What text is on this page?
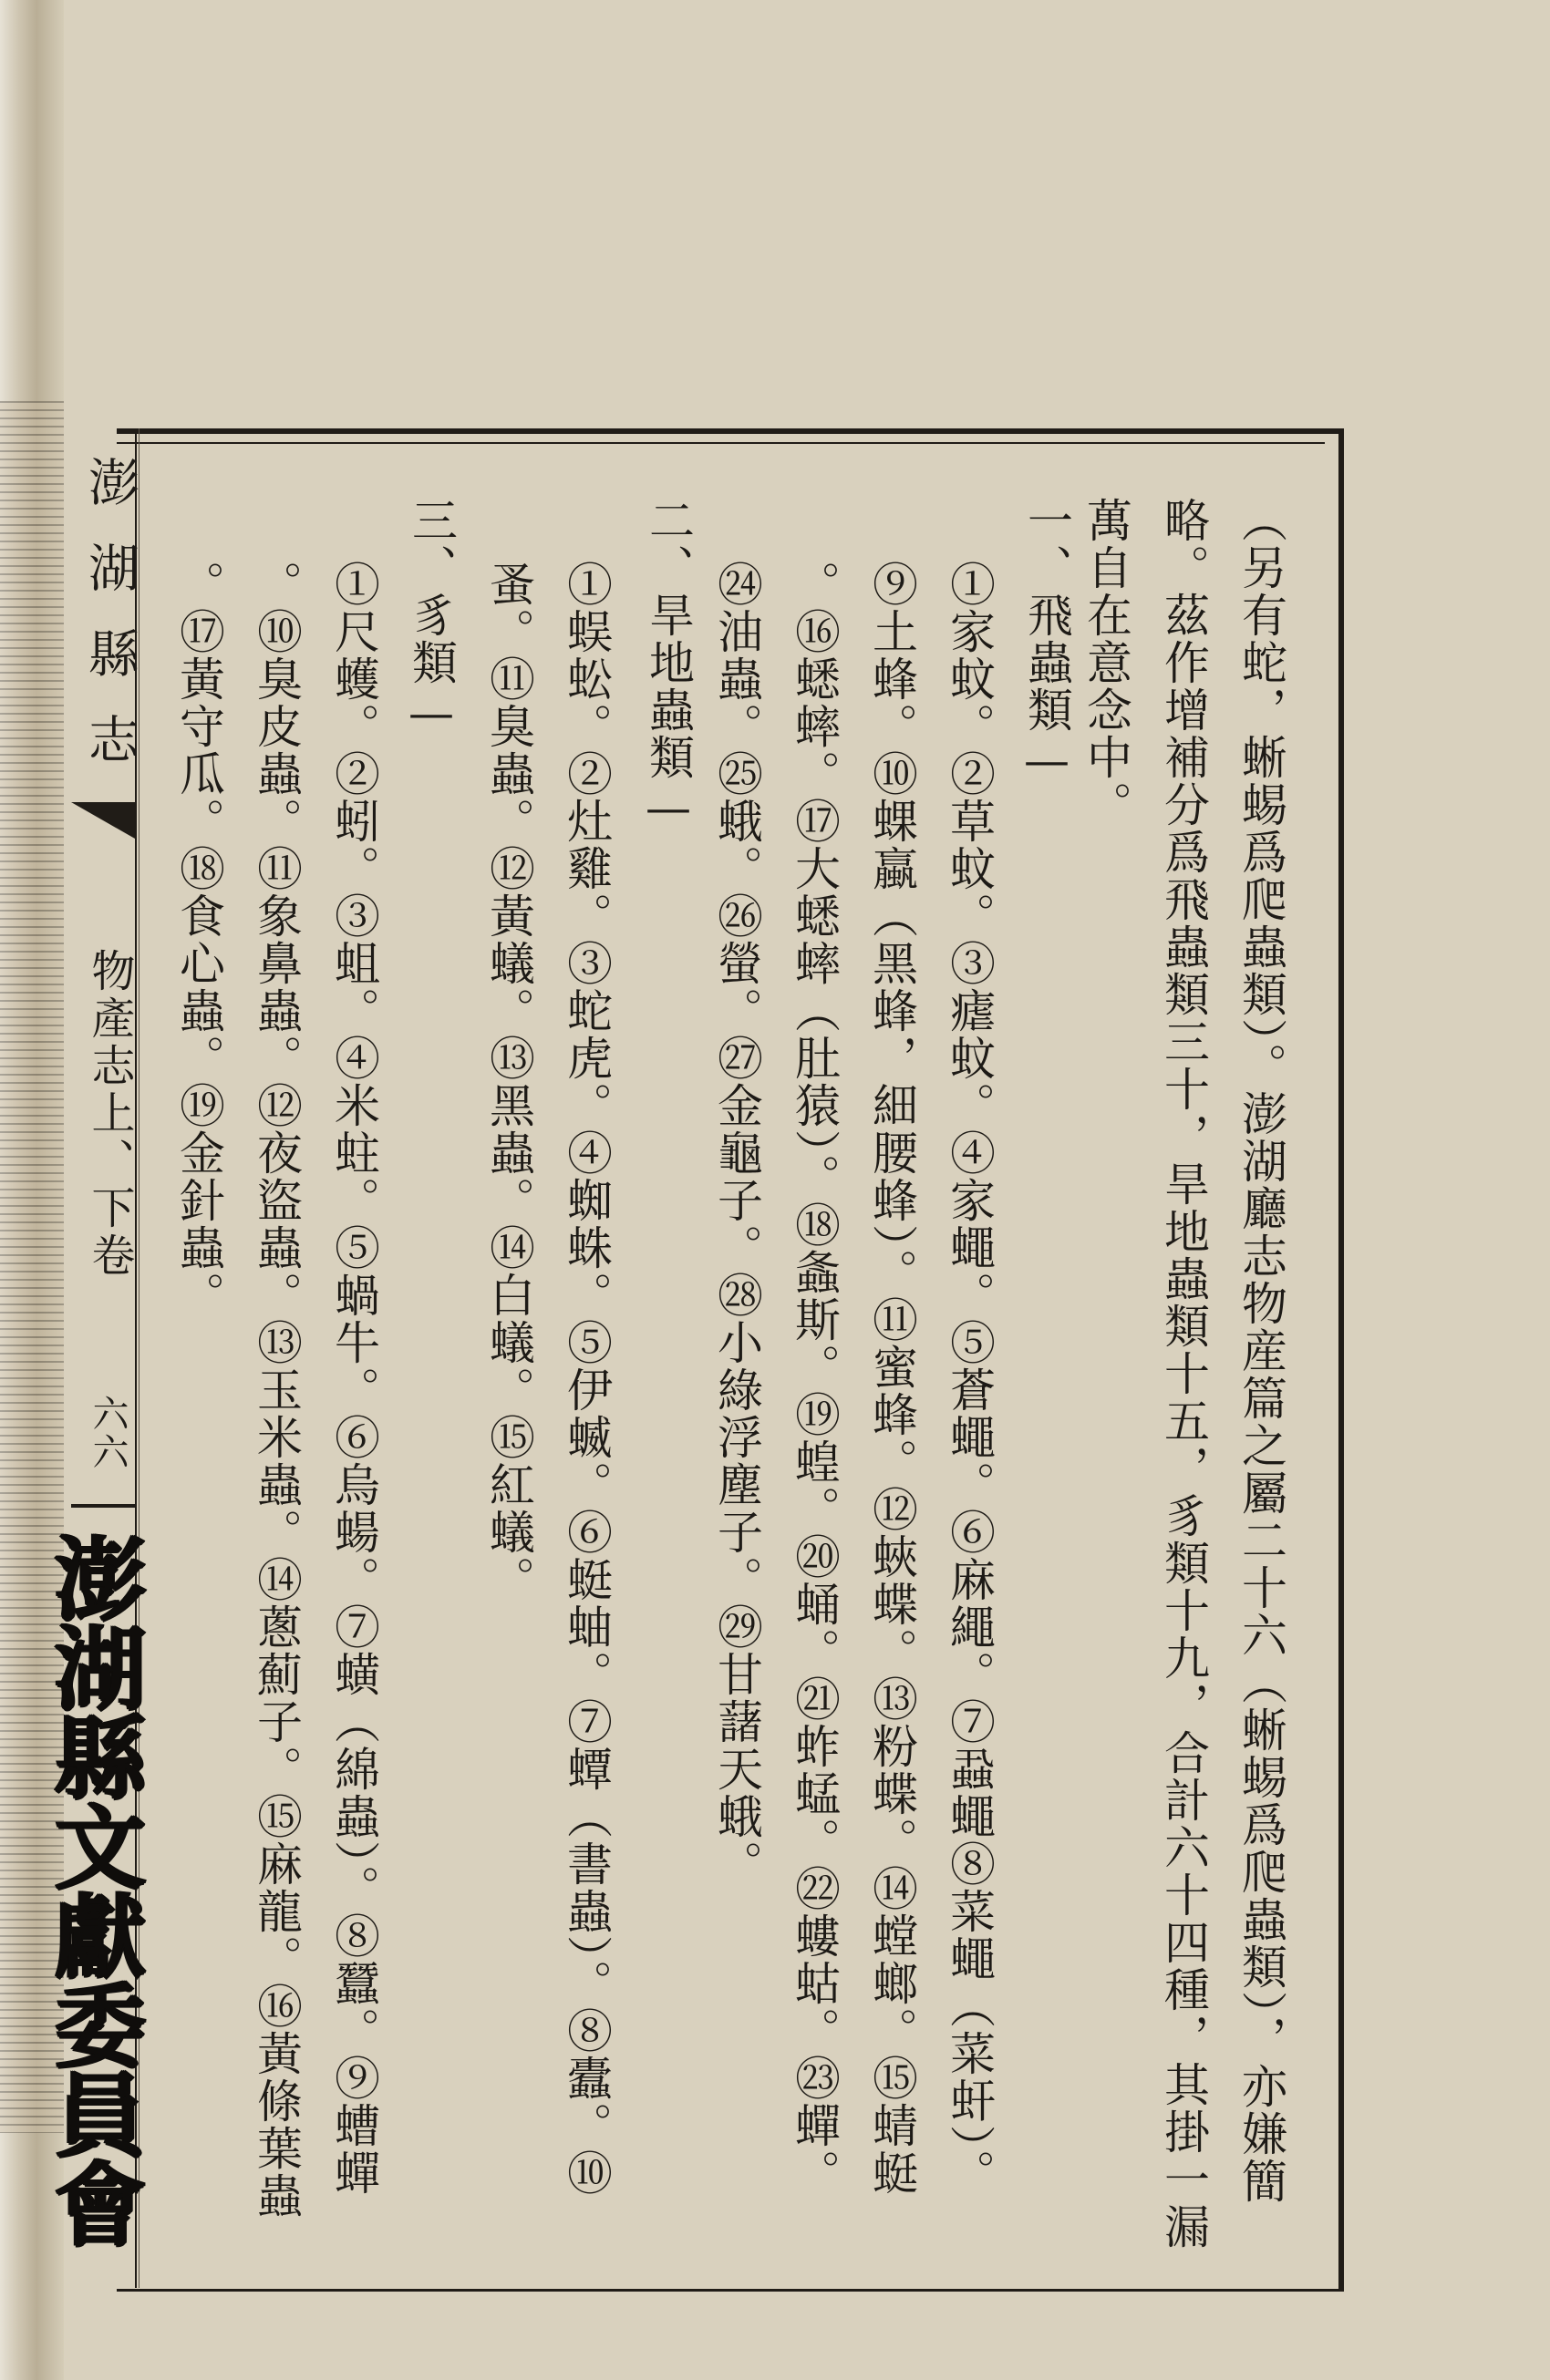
澎湖縣志
物產志上、下卷
六六
澎湖縣文獻委員會	（另有蛇，蜥蜴爲爬蟲類）。澎湖廳志物産篇之屬二十六（蜥蜴爲爬蟲類），亦嫌簡
略。茲作增補分爲飛蟲類三十，旱地蟲類十五，豸類十九，合計六十四種，其掛一漏
萬自在意念中。
一、飛蟲類—
①家蚊。②草蚊。③瘧蚊。④家蠅。⑤蒼蠅。⑥麻繩。⑦蝨蠅⑧菜蠅（菜虷）。
⑨土蜂。⑩蜾蠃（黑蜂，細腰蜂）。⑪蜜蜂。⑫蛺蝶。⑬粉蝶。⑭螳螂。⑮蜻蜓
。⑯蟋蟀。⑰大蟋蟀（肚猿）。⑱螽斯。⑲蝗。⑳蛹。㉑蚱蜢。㉒螻蛄。㉓蟬。
㉔油蟲。㉕蛾。㉖螢。㉗金龜子。㉘小綠浮塵子。㉙甘藷天蛾。
二、旱地蟲類—
①蜈蚣。②灶雞。③蛇虎。④蜘蛛。⑤伊蝛。⑥蜓蚰。⑦蟫（書蟲）。⑧蠹。⑩
蚤。⑪臭蟲。⑫黃蟻。⑬黑蟲。⑭白蟻。⑮紅蟻。
三、豸類—
①尺蠖。②蚓。③蛆。④米蛀。⑤蝸牛。⑥烏蝪。⑦蟥（綿蟲）。⑧蠶。⑨螬蟬
。⑩臭皮蟲。⑪象鼻蟲。⑫夜盜蟲。⑬玉米蟲。⑭蔥薊子。⑮麻龍。⑯黃條葉蟲
。⑰黃守瓜。⑱食心蟲。⑲金針蟲。
